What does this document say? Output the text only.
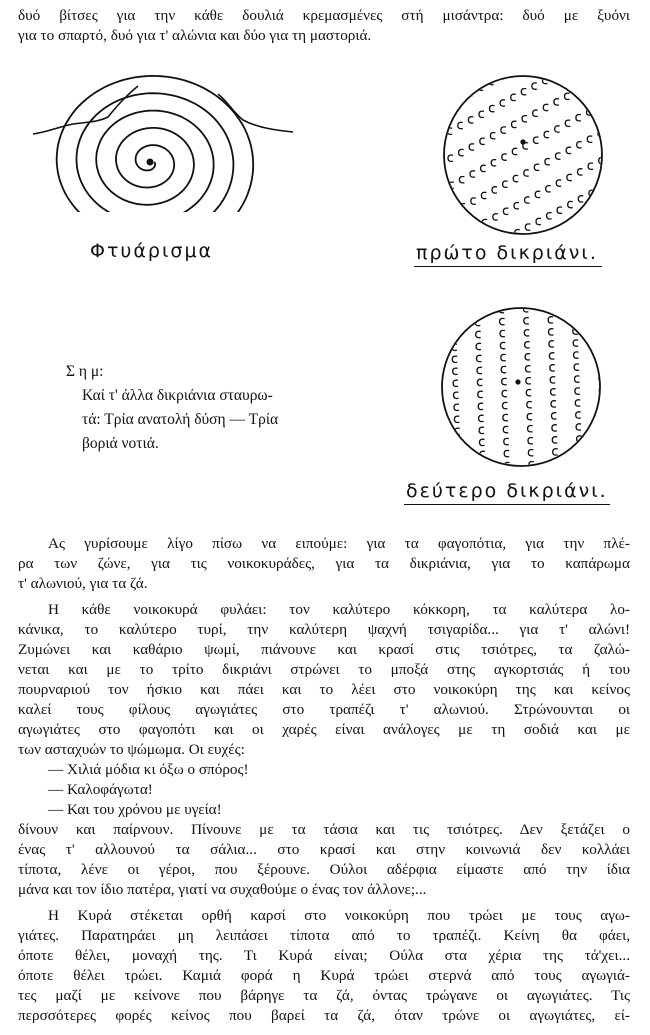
δυό βίτσες για την κάθε δουλιά κρεμασμένες στή μισάντρα: δυό με ξυόνι
για το σπαρτό, δυό για τ' αλώνια και δύο για τη μαστοριά.
Φτυάρισμα	πρώτο δικριάνι.
δεύτερο δικριάνι.
Σ η μ:
Καί τ' άλλα δικριάνια σταυρω-
τά: Τρία ανατολή δύση — Τρία
βοριά νοτιά.
Ας γυρίσουμε λίγο πίσω να ειπούμε: για τα φαγοπότια, για την πλέ-
ρα των ζώνε, για τις νοικοκυράδες, για τα δικριάνια, για το καπάρωμα
τ' αλωνιού, για τα ζά.
Η κάθε νοικοκυρά φυλάει: τον καλύτερο κόκκορη, τα καλύτερα λο-
κάνικα, το καλύτερο τυρί, την καλύτερη ψαχνή τσιγαρίδα... για τ' αλώνι!
Ζυμώνει και καθάριο ψωμί, πιάνουνε και κρασί στις τσιότρες, τα ζαλώ-
νεται και με το τρίτο δικριάνι στρώνει το μποξά στης αγκορτσιάς ή του
πουρναριού τον ήσκιο και πάει και το λέει στο νοικοκύρη της και κείνος
καλεί τους φίλους αγωγιάτες στο τραπέζι τ' αλωνιού. Στρώνουνται οι
αγωγιάτες στο φαγοπότι και οι χαρές είναι ανάλογες με τη σοδιά και με
των ασταχυών το ψώμωμα. Οι ευχές:
— Χιλιά μόδια κι όξω ο σπόρος!
— Καλοφάγωτα!
— Και του χρόνου με υγεία!
δίνουν και παίρνουν. Πίνουνε με τα τάσια και τις τσιότρες. Δεν ξετάζει ο
ένας τ' αλλουνού τα σάλια... στο κρασί και στην κοινωνιά δεν κολλάει
τίποτα, λένε οι γέροι, που ξέρουνε. Ούλοι αδέρφια είμαστε από την ίδια
μάνα και τον ίδιο πατέρα, γιατί να συχαθούμε ο ένας τον άλλονε;...
Η Κυρά στέκεται ορθή καρσί στο νοικοκύρη που τρώει με τους αγω-
γιάτες. Παρατηράει μη λειπάσει τίποτα από το τραπέζι. Κείνη θα φάει,
όποτε θέλει, μοναχή της. Τι Κυρά είναι; Ούλα στα χέρια της τά'χει...
όποτε θέλει τρώει. Καμιά φορά η Κυρά τρώει στερνά από τους αγωγιά-
τες μαζί με κείνονε που βάρηγε τα ζά, όντας τρώγανε οι αγωγιάτες. Τις
περσσότερες φορές κείνος που βαρεί τα ζά, όταν τρώνε οι αγωγιάτες, εί-
